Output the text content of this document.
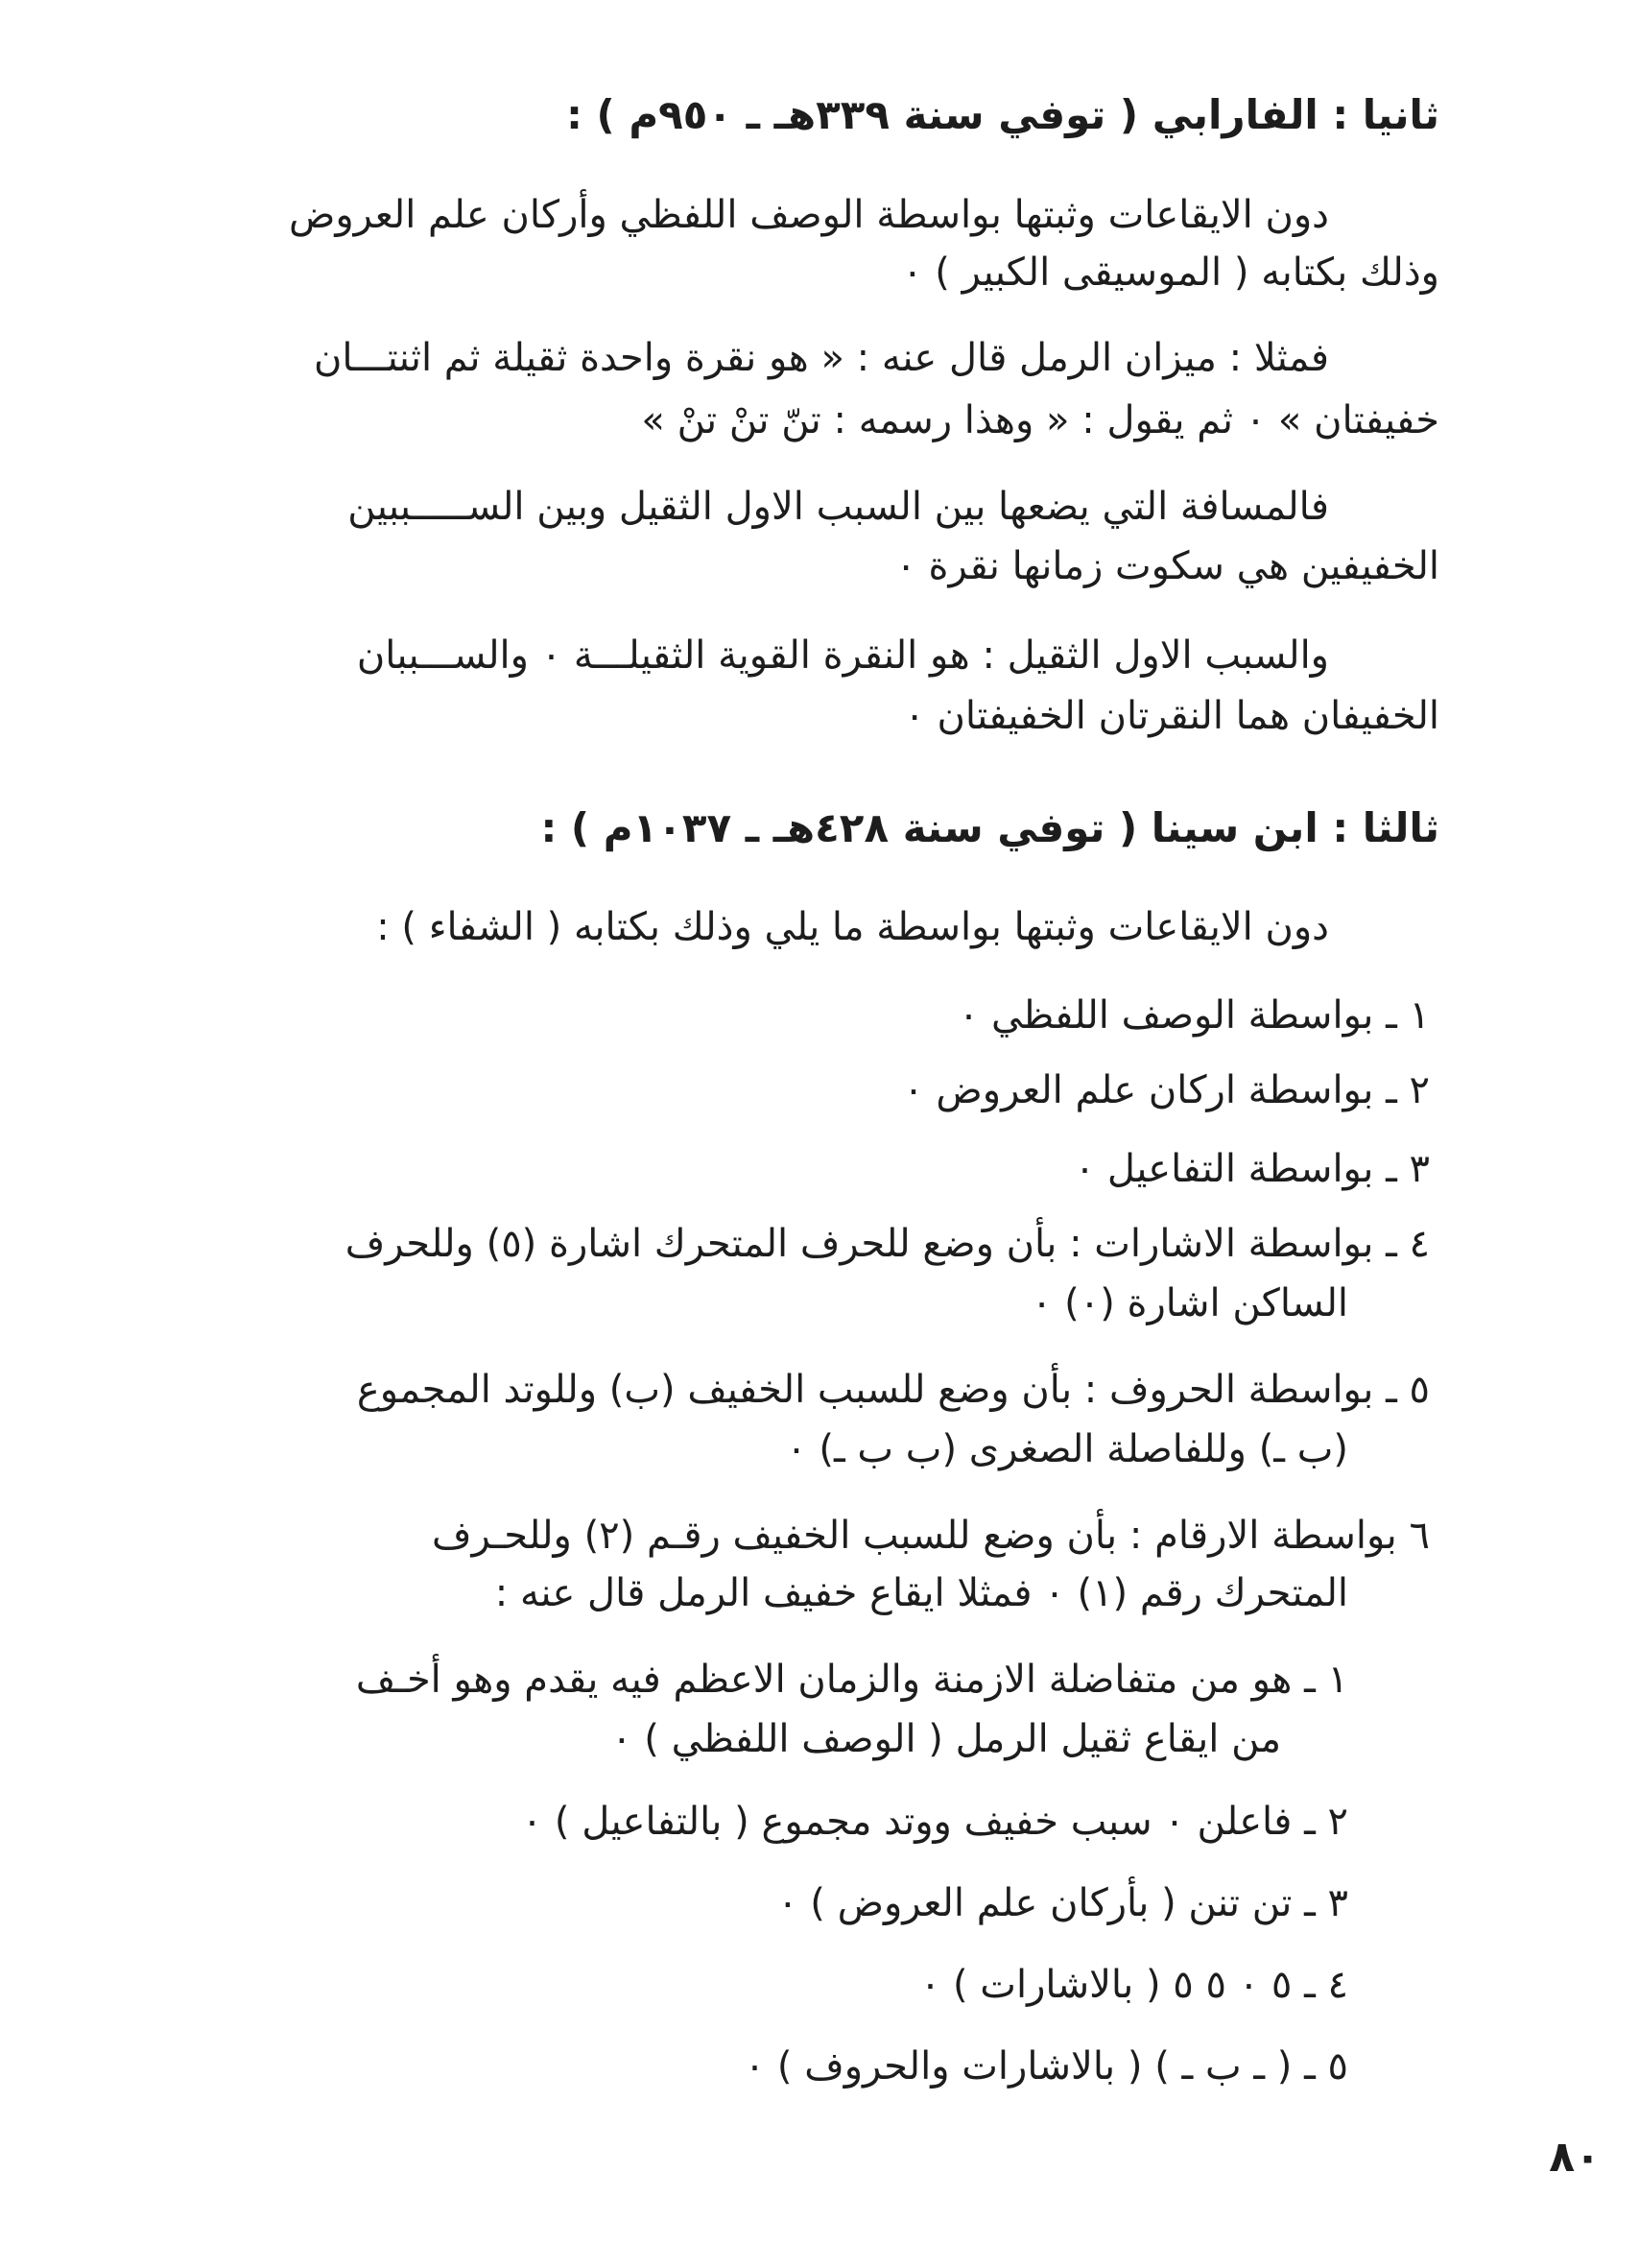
ثانيا : الفارابي ( توفي سنة ٣٣٩هـ ـ ٩٥٠م ) :
دون الايقاعات وثبتها بواسطة الوصف اللفظي وأركان علم العروض
وذلك بكتابه ( الموسيقى الكبير ) ٠
فمثلا : ميزان الرمل قال عنه : « هو نقرة واحدة ثقيلة ثم اثنتـــان
خفيفتان » ٠ ثم يقول : « وهذا رسمه : تنّ تنْ تنْ »
فالمسافة التي يضعها بين السبب الاول الثقيل وبين الســـــببين
الخفيفين هي سكوت زمانها نقرة ٠
والسبب الاول الثقيل : هو النقرة القوية الثقيلـــة ٠ والســـببان
الخفيفان هما النقرتان الخفيفتان ٠
ثالثا : ابن سينا ( توفي سنة ٤٢٨هـ ـ ١٠٣٧م ) :
دون الايقاعات وثبتها بواسطة ما يلي وذلك بكتابه ( الشفاء ) :
١ ـ بواسطة الوصف اللفظي ٠
٢ ـ بواسطة اركان علم العروض ٠
٣ ـ بواسطة التفاعيل ٠
٤ ـ بواسطة الاشارات : بأن وضع للحرف المتحرك اشارة (٥) وللحرف
الساكن اشارة (٠) ٠
٥ ـ بواسطة الحروف : بأن وضع للسبب الخفيف (ب) وللوتد المجموع
(ب ـ) وللفاصلة الصغرى (ب ب ـ) ٠
٦ بواسطة الارقام : بأن وضع للسبب الخفيف رقـم (٢) وللحـرف
المتحرك رقم (١) ٠ فمثلا ايقاع خفيف الرمل قال عنه :
١ ـ هو من متفاضلة الازمنة والزمان الاعظم فيه يقدم وهو أخـف
من ايقاع ثقيل الرمل ( الوصف اللفظي ) ٠
٢ ـ فاعلن ٠ سبب خفيف ووتد مجموع ( بالتفاعيل ) ٠
٣ ـ تن تنن ( بأركان علم العروض ) ٠
٤ ـ ٥ ٠ ٥ ٥ ( بالاشارات ) ٠
٥ ـ ( ـ ب ـ ) ( بالاشارات والحروف ) ٠
٨٠
